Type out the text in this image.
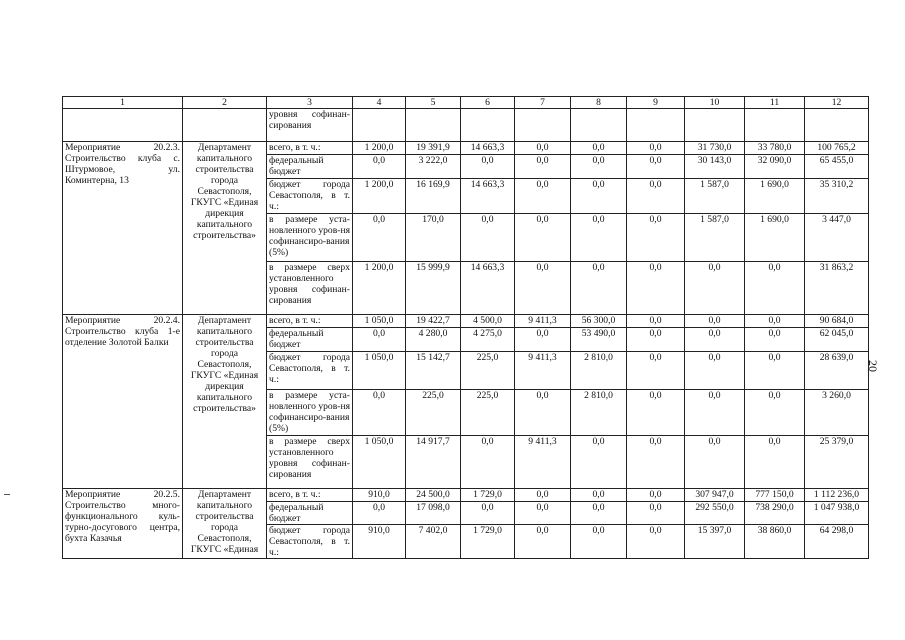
1	2	3	4	5	6	7	8	9	10	11	12
		уровня софинан-сирования									
Мероприятие 20.2.3. Строительство клуба с. Штурмовое, ул. Коминтерна, 13	Департамент капитального строительства города Севастополя, ГКУГС «Единая дирекция капитального строительства»	всего, в т. ч.:	1 200,0	19 391,9	14 663,3	0,0	0,0	0,0	31 730,0	33 780,0	100 765,2
		федеральный бюджет	0,0	3 222,0	0,0	0,0	0,0	0,0	30 143,0	32 090,0	65 455,0
		бюджет города Севастополя, в т. ч.:	1 200,0	16 169,9	14 663,3	0,0	0,0	0,0	1 587,0	1 690,0	35 310,2
		в размере уста-новленного уров-ня софинансиро-вания (5%)	0,0	170,0	0,0	0,0	0,0	0,0	1 587,0	1 690,0	3 447,0
		в размере сверх установленного уровня софинан-сирования	1 200,0	15 999,9	14 663,3	0,0	0,0	0,0	0,0	0,0	31 863,2
Мероприятие 20.2.4. Строительство клуба 1-е отделение Золотой Балки	Департамент капитального строительства города Севастополя, ГКУГС «Единая дирекция капитального строительства»	всего, в т. ч.:	1 050,0	19 422,7	4 500,0	9 411,3	56 300,0	0,0	0,0	0,0	90 684,0
		федеральный бюджет	0,0	4 280,0	4 275,0	0,0	53 490,0	0,0	0,0	0,0	62 045,0
		бюджет города Севастополя, в т. ч.:	1 050,0	15 142,7	225,0	9 411,3	2 810,0	0,0	0,0	0,0	28 639,0
		в размере уста-новленного уров-ня софинансиро-вания (5%)	0,0	225,0	225,0	0,0	2 810,0	0,0	0,0	0,0	3 260,0
		в размере сверх установленного уровня софинан-сирования	1 050,0	14 917,7	0,0	9 411,3	0,0	0,0	0,0	0,0	25 379,0
Мероприятие 20.2.5. Строительство много-функционального куль-турно-досугового центра, бухта Казачья	Департамент капитального строительства города Севастополя, ГКУГС «Единая	всего, в т. ч.:	910,0	24 500,0	1 729,0	0,0	0,0	0,0	307 947,0	777 150,0	1 112 236,0
		федеральный бюджет	0,0	17 098,0	0,0	0,0	0,0	0,0	292 550,0	738 290,0	1 047 938,0
		бюджет города Севастополя, в т. ч.:	910,0	7 402,0	1 729,0	0,0	0,0	0,0	15 397,0	38 860,0	64 298,0
20
